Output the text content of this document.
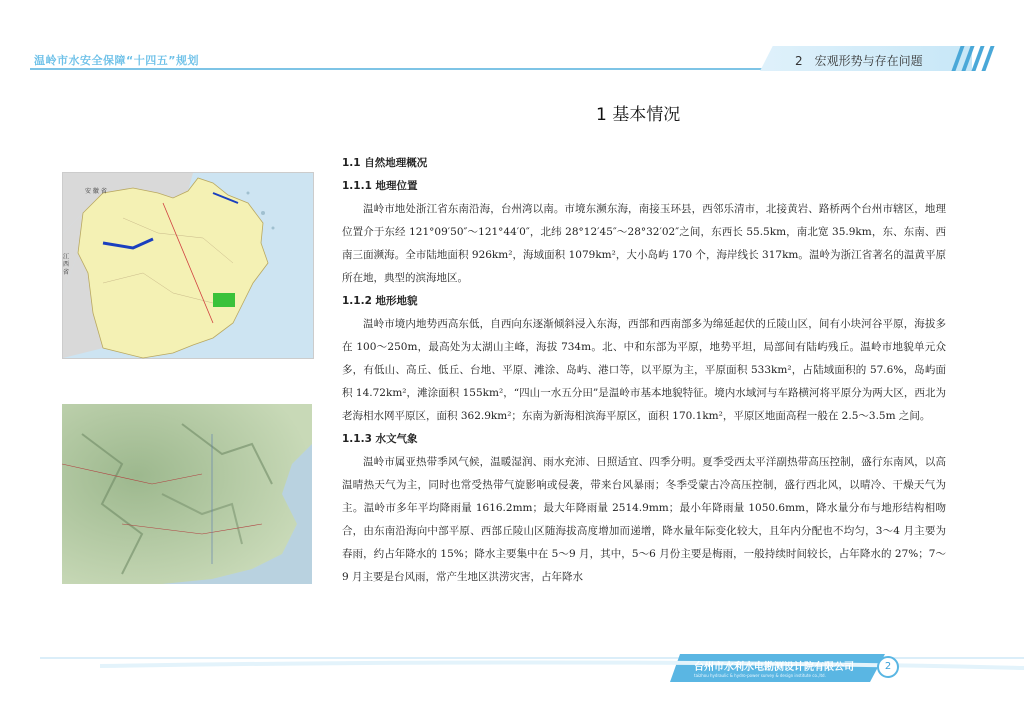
温岭市水安全保障“十四五”规划	2　宏观形势与存在问题
1 基本情况
安 徽 省
江 西 省
1.1 自然地理概况
1.1.1 地理位置

温岭市地处浙江省东南沿海，台州湾以南。市境东濒东海，南接玉环县，西邻乐清市，北接黄岩、路桥两个台州市辖区，地理位置介于东经 121°09′50″～121°44′0″，北纬 28°12′45″～28°32′02″之间，东西长 55.5km，南北宽 35.9km，东、东南、西南三面濒海。全市陆地面积 926km²，海域面积 1079km²，大小岛屿 170 个，海岸线长 317km。温岭为浙江省著名的温黄平原所在地，典型的滨海地区。

1.1.2 地形地貌

温岭市境内地势西高东低，自西向东逐渐倾斜浸入东海，西部和西南部多为绵延起伏的丘陵山区，间有小块河谷平原，海拔多在 100～250m，最高处为太湖山主峰，海拔 734m。北、中和东部为平原，地势平坦，局部间有陆屿残丘。温岭市地貌单元众多，有低山、高丘、低丘、台地、平原、滩涂、岛屿、港口等，以平原为主，平原面积 533km²，占陆域面积的 57.6%，岛屿面积 14.72km²，滩涂面积 155km²，“四山一水五分田”是温岭市基本地貌特征。境内水域河与车路横河将平原分为两大区，西北为老海相水网平原区，面积 362.9km²；东南为新海相滨海平原区，面积 170.1km²，平原区地面高程一般在 2.5～3.5m 之间。

1.1.3 水文气象

温岭市属亚热带季风气候，温暖湿润、雨水充沛、日照适宜、四季分明。夏季受西太平洋副热带高压控制，盛行东南风，以高温晴热天气为主，同时也常受热带气旋影响或侵袭，带来台风暴雨；冬季受蒙古冷高压控制，盛行西北风，以晴冷、干燥天气为主。温岭市多年平均降雨量 1616.2mm；最大年降雨量 2514.9mm；最小年降雨量 1050.6mm，降水量分布与地形结构相吻合，由东南沿海向中部平原、西部丘陵山区随海拔高度增加而递增，降水量年际变化较大，且年内分配也不均匀，3～4 月主要为春雨，约占年降水的 15%；降水主要集中在 5～9 月，其中，5～6 月份主要是梅雨，一般持续时间较长，占年降水的 27%；7～9 月主要是台风雨，常产生地区洪涝灾害，占年降水

台州市水利水电勘测设计院有限公司
taizhou hydraulic & hydro-power survey & design institute co.,ltd.
2
